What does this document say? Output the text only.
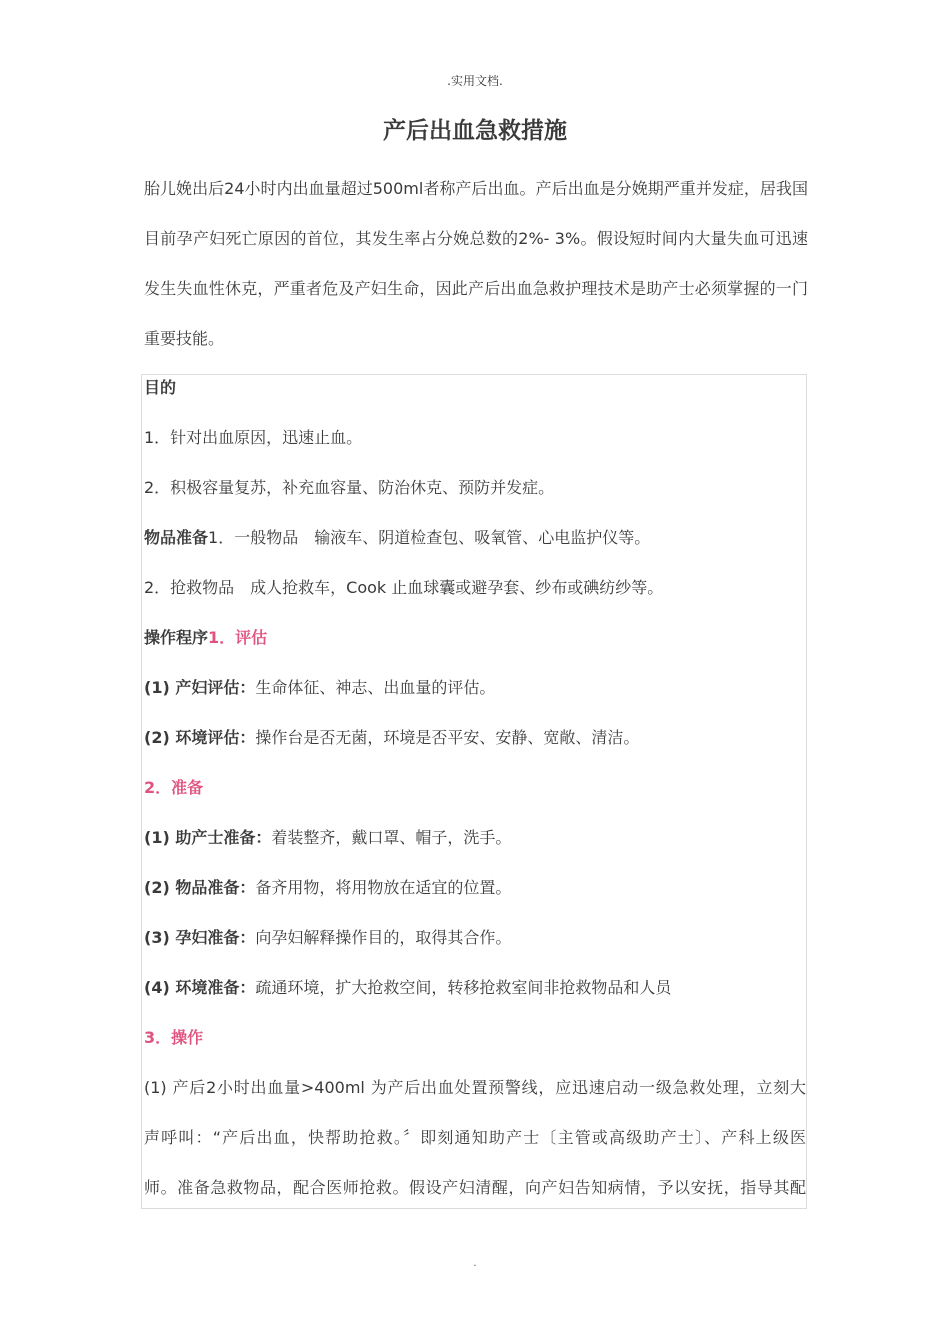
.实用文档.
产后出血急救措施

胎儿娩出后24小时内出血量超过500ml者称产后出血。产后出血是分娩期严重并发症，居我国目前孕产妇死亡原因的首位，其发生率占分娩总数的2%- 3%。假设短时间内大量失血可迅速发生失血性休克，严重者危及产妇生命，因此产后出血急救护理技术是助产士必须掌握的一门重要技能。

目的
1．针对出血原因，迅速止血。
2．积极容量复苏，补充血容量、防治休克、预防并发症。
物品准备1．一般物品　输液车、阴道检查包、吸氧管、心电监护仪等。
2．抢救物品　成人抢救车，Cook 止血球囊或避孕套、纱布或碘纺纱等。
操作程序1．评估
(1) 产妇评估：生命体征、神志、出血量的评估。
(2) 环境评估：操作台是否无菌，环境是否平安、安静、宽敞、清洁。
2．准备
(1) 助产士准备：着装整齐，戴口罩、帽子，洗手。
(2) 物品准备：备齐用物，将用物放在适宜的位置。
(3) 孕妇准备：向孕妇解释操作目的，取得其合作。
(4) 环境准备：疏通环境，扩大抢救空间，转移抢救室间非抢救物品和人员
3．操作
(1) 产后2小时出血量>400ml 为产后出血处置预警线，应迅速启动一级急救处理，立刻大
声呼叫：“产后出血，快帮助抢救。〞即刻通知助产士〔主管或高级助产士〕、产科上级医
师。准备急救物品，配合医师抢救。假设产妇清醒，向产妇告知病情，予以安抚，指导其配
.
